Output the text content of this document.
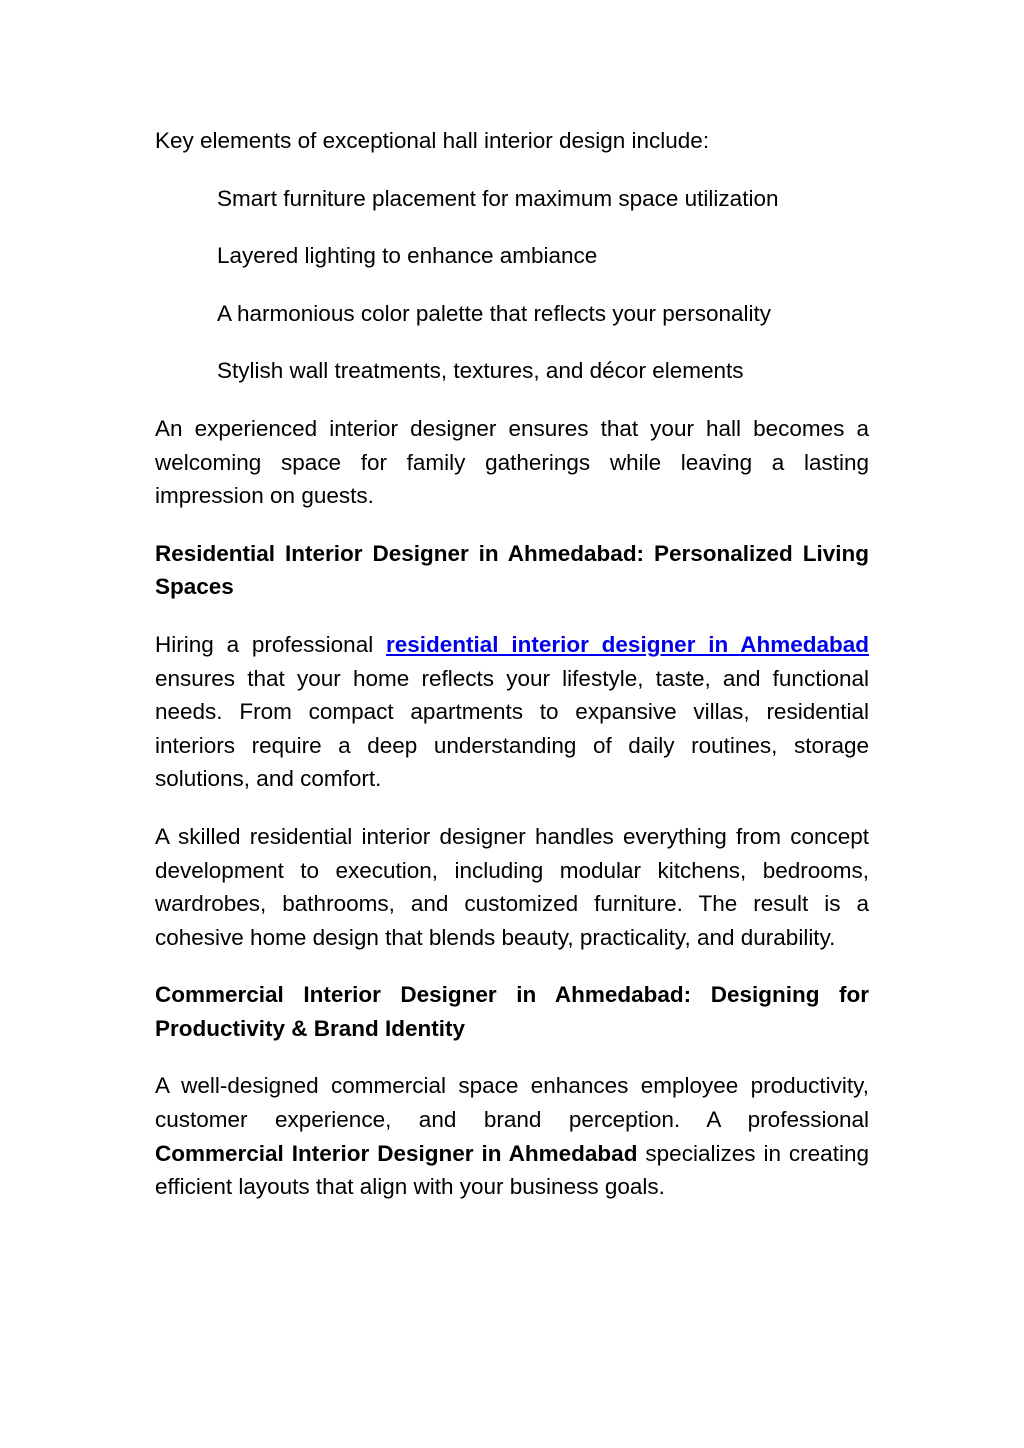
Key elements of exceptional hall interior design include:

Smart furniture placement for maximum space utilization
Layered lighting to enhance ambiance
A harmonious color palette that reflects your personality
Stylish wall treatments, textures, and décor elements

An experienced interior designer ensures that your hall becomes a welcoming space for family gatherings while leaving a lasting impression on guests.

Residential Interior Designer in Ahmedabad: Personalized Living Spaces

Hiring a professional residential interior designer in Ahmedabad ensures that your home reflects your lifestyle, taste, and functional needs. From compact apartments to expansive villas, residential interiors require a deep understanding of daily routines, storage solutions, and comfort.

A skilled residential interior designer handles everything from concept development to execution, including modular kitchens, bedrooms, wardrobes, bathrooms, and customized furniture. The result is a cohesive home design that blends beauty, practicality, and durability.

Commercial Interior Designer in Ahmedabad: Designing for Productivity & Brand Identity

A well-designed commercial space enhances employee productivity, customer experience, and brand perception. A professional Commercial Interior Designer in Ahmedabad specializes in creating efficient layouts that align with your business goals.
